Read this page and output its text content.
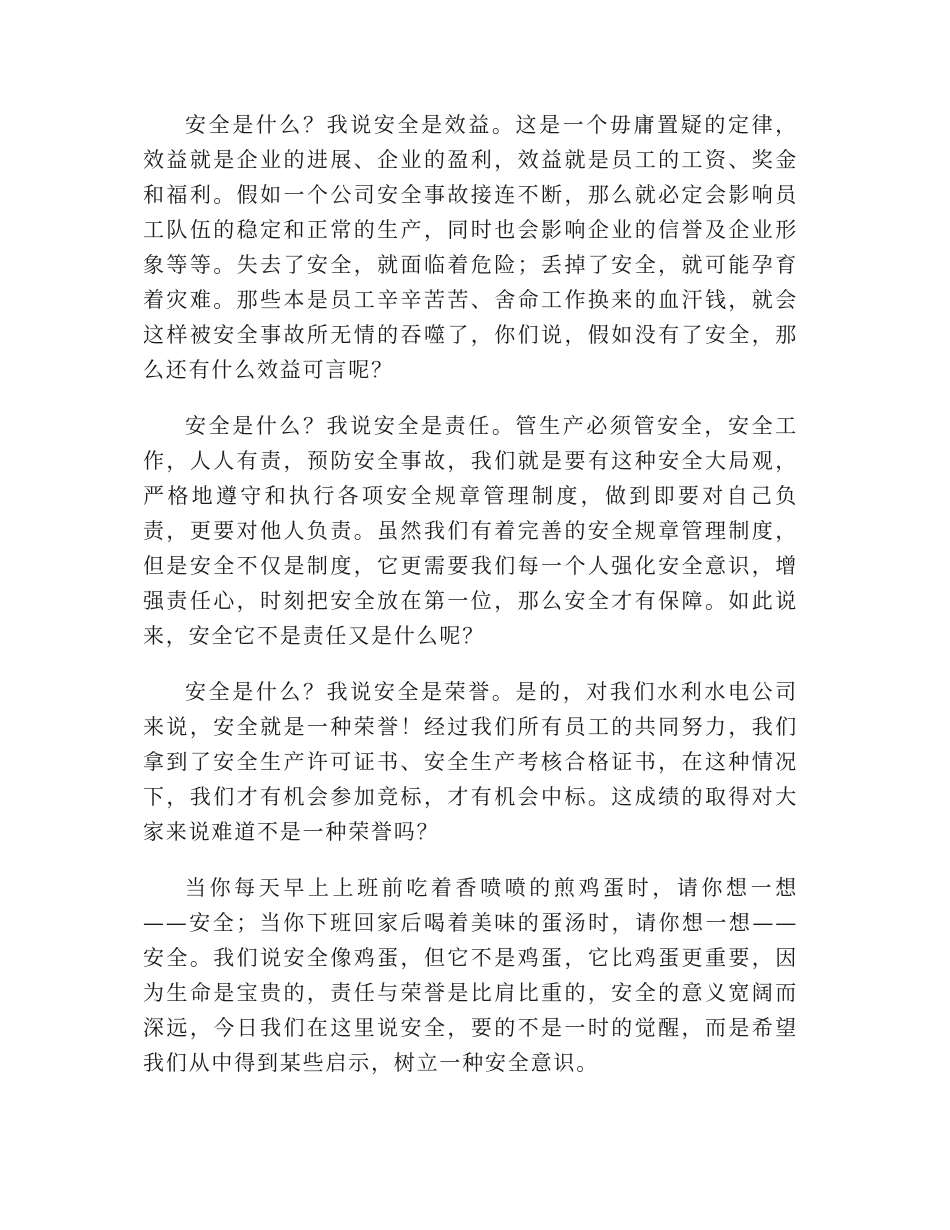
安全是什么？我说安全是效益。这是一个毋庸置疑的定律，效益就是企业的进展、企业的盈利，效益就是员工的工资、奖金和福利。假如一个公司安全事故接连不断，那么就必定会影响员工队伍的稳定和正常的生产，同时也会影响企业的信誉及企业形象等等。失去了安全，就面临着危险；丢掉了安全，就可能孕育着灾难。那些本是员工辛辛苦苦、舍命工作换来的血汗钱，就会这样被安全事故所无情的吞噬了，你们说，假如没有了安全，那么还有什么效益可言呢？

安全是什么？我说安全是责任。管生产必须管安全，安全工作，人人有责，预防安全事故，我们就是要有这种安全大局观，严格地遵守和执行各项安全规章管理制度，做到即要对自己负责，更要对他人负责。虽然我们有着完善的安全规章管理制度，但是安全不仅是制度，它更需要我们每一个人强化安全意识，增强责任心，时刻把安全放在第一位，那么安全才有保障。如此说来，安全它不是责任又是什么呢？

安全是什么？我说安全是荣誉。是的，对我们水利水电公司来说，安全就是一种荣誉！经过我们所有员工的共同努力，我们拿到了安全生产许可证书、安全生产考核合格证书，在这种情况下，我们才有机会参加竞标，才有机会中标。这成绩的取得对大家来说难道不是一种荣誉吗？

当你每天早上上班前吃着香喷喷的煎鸡蛋时，请你想一想——安全；当你下班回家后喝着美味的蛋汤时，请你想一想——安全。我们说安全像鸡蛋，但它不是鸡蛋，它比鸡蛋更重要，因为生命是宝贵的，责任与荣誉是比肩比重的，安全的意义宽阔而深远，今日我们在这里说安全，要的不是一时的觉醒，而是希望我们从中得到某些启示，树立一种安全意识。
